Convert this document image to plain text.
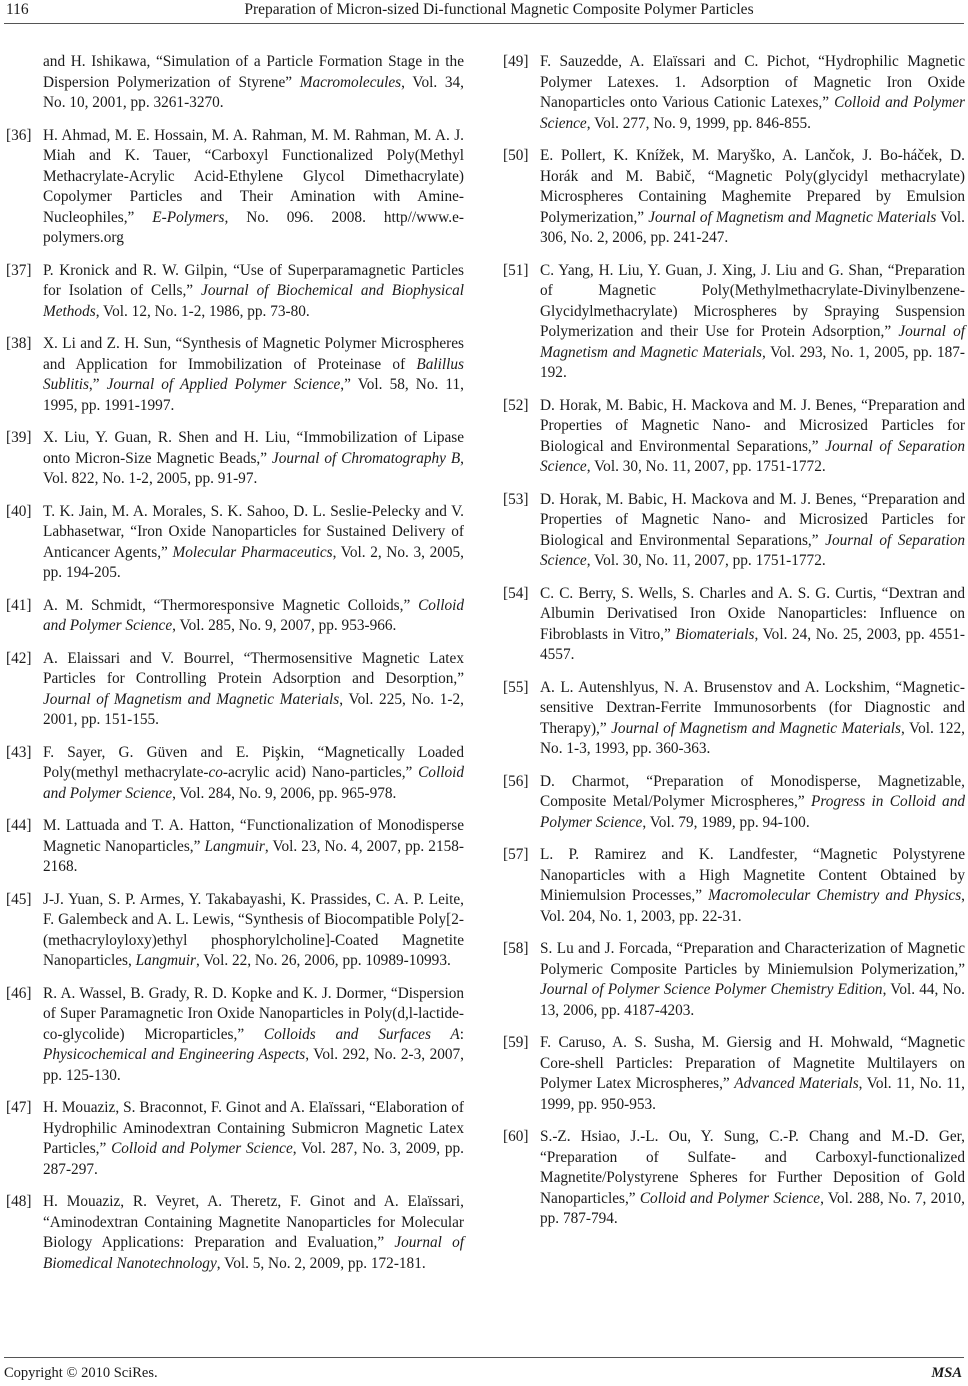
116	Preparation of Micron-sized Di-functional Magnetic Composite Polymer Particles
and H. Ishikawa, “Simulation of a Particle Formation Stage in the Dispersion Polymerization of Styrene” Macromolecules, Vol. 34, No. 10, 2001, pp. 3261-3270.
[36] H. Ahmad, M. E. Hossain, M. A. Rahman, M. M. Rahman, M. A. J. Miah and K. Tauer, “Carboxyl Functionalized Poly(Methyl Methacrylate-Acrylic Acid-Ethylene Glycol Dimethacrylate) Copolymer Particles and Their Amination with Amine-Nucleophiles,” E-Polymers, No. 096. 2008. http//www.e-polymers.org
[37] P. Kronick and R. W. Gilpin, “Use of Superparamagnetic Particles for Isolation of Cells,” Journal of Biochemical and Biophysical Methods, Vol. 12, No. 1-2, 1986, pp. 73-80.
[38] X. Li and Z. H. Sun, “Synthesis of Magnetic Polymer Microspheres and Application for Immobilization of Proteinase of Balillus Sublitis,” Journal of Applied Polymer Science,” Vol. 58, No. 11, 1995, pp. 1991-1997.
[39] X. Liu, Y. Guan, R. Shen and H. Liu, “Immobilization of Lipase onto Micron-Size Magnetic Beads,” Journal of Chromatography B, Vol. 822, No. 1-2, 2005, pp. 91-97.
[40] T. K. Jain, M. A. Morales, S. K. Sahoo, D. L. Seslie-Pelecky and V. Labhasetwar, “Iron Oxide Nanoparticles for Sustained Delivery of Anticancer Agents,” Molecular Pharmaceutics, Vol. 2, No. 3, 2005, pp. 194-205.
[41] A. M. Schmidt, “Thermoresponsive Magnetic Colloids,” Colloid and Polymer Science, Vol. 285, No. 9, 2007, pp. 953-966.
[42] A. Elaissari and V. Bourrel, “Thermosensitive Magnetic Latex Particles for Controlling Protein Adsorption and Desorption,” Journal of Magnetism and Magnetic Materials, Vol. 225, No. 1-2, 2001, pp. 151-155.
[43] F. Sayer, G. Güven and E. Pişkin, “Magnetically Loaded Poly(methyl methacrylate-co-acrylic acid) Nano-particles,” Colloid and Polymer Science, Vol. 284, No. 9, 2006, pp. 965-978.
[44] M. Lattuada and T. A. Hatton, “Functionalization of Monodisperse Magnetic Nanoparticles,” Langmuir, Vol. 23, No. 4, 2007, pp. 2158-2168.
[45] J-J. Yuan, S. P. Armes, Y. Takabayashi, K. Prassides, C. A. P. Leite, F. Galembeck and A. L. Lewis, “Synthesis of Biocompatible Poly[2-(methacryloyloxy)ethyl phosphorylcholine]-Coated Magnetite Nanoparticles, Langmuir, Vol. 22, No. 26, 2006, pp. 10989-10993.
[46] R. A. Wassel, B. Grady, R. D. Kopke and K. J. Dormer, “Dispersion of Super Paramagnetic Iron Oxide Nanoparticles in Poly(d,l-lactide-co-glycolide) Microparticles,” Colloids and Surfaces A: Physicochemical and Engineering Aspects, Vol. 292, No. 2-3, 2007, pp. 125-130.
[47] H. Mouaziz, S. Braconnot, F. Ginot and A. Elaïssari, “Elaboration of Hydrophilic Aminodextran Containing Submicron Magnetic Latex Particles,” Colloid and Polymer Science, Vol. 287, No. 3, 2009, pp. 287-297.
[48] H. Mouaziz, R. Veyret, A. Theretz, F. Ginot and A. Elaïssari, “Aminodextran Containing Magnetite Nanoparticles for Molecular Biology Applications: Preparation and Evaluation,” Journal of Biomedical Nanotechnology, Vol. 5, No. 2, 2009, pp. 172-181.
[49] F. Sauzedde, A. Elaïssari and C. Pichot, “Hydrophilic Magnetic Polymer Latexes. 1. Adsorption of Magnetic Iron Oxide Nanoparticles onto Various Cationic Latexes,” Colloid and Polymer Science, Vol. 277, No. 9, 1999, pp. 846-855.
[50] E. Pollert, K. Knížek, M. Maryško, A. Lančok, J. Bo-háček, D. Horák and M. Babič, “Magnetic Poly(glycidyl methacrylate) Microspheres Containing Maghemite Prepared by Emulsion Polymerization,” Journal of Magnetism and Magnetic Materials Vol. 306, No. 2, 2006, pp. 241-247.
[51] C. Yang, H. Liu, Y. Guan, J. Xing, J. Liu and G. Shan, “Preparation of Magnetic Poly(Methylmethacrylate-Divinylbenzene-Glycidylmethacrylate) Microspheres by Spraying Suspension Polymerization and their Use for Protein Adsorption,” Journal of Magnetism and Magnetic Materials, Vol. 293, No. 1, 2005, pp. 187-192.
[52] D. Horak, M. Babic, H. Mackova and M. J. Benes, “Preparation and Properties of Magnetic Nano- and Microsized Particles for Biological and Environmental Separations,” Journal of Separation Science, Vol. 30, No. 11, 2007, pp. 1751-1772.
[53] D. Horak, M. Babic, H. Mackova and M. J. Benes, “Preparation and Properties of Magnetic Nano- and Microsized Particles for Biological and Environmental Separations,” Journal of Separation Science, Vol. 30, No. 11, 2007, pp. 1751-1772.
[54] C. C. Berry, S. Wells, S. Charles and A. S. G. Curtis, “Dextran and Albumin Derivatised Iron Oxide Nanoparticles: Influence on Fibroblasts in Vitro,” Biomaterials, Vol. 24, No. 25, 2003, pp. 4551-4557.
[55] A. L. Autenshlyus, N. A. Brusenstov and A. Lockshim, “Magnetic-sensitive Dextran-Ferrite Immunosorbents (for Diagnostic and Therapy),” Journal of Magnetism and Magnetic Materials, Vol. 122, No. 1-3, 1993, pp. 360-363.
[56] D. Charmot, “Preparation of Monodisperse, Magnetizable, Composite Metal/Polymer Microspheres,” Progress in Colloid and Polymer Science, Vol. 79, 1989, pp. 94-100.
[57] L. P. Ramirez and K. Landfester, “Magnetic Polystyrene Nanoparticles with a High Magnetite Content Obtained by Miniemulsion Processes,” Macromolecular Chemistry and Physics, Vol. 204, No. 1, 2003, pp. 22-31.
[58] S. Lu and J. Forcada, “Preparation and Characterization of Magnetic Polymeric Composite Particles by Miniemulsion Polymerization,” Journal of Polymer Science Polymer Chemistry Edition, Vol. 44, No. 13, 2006, pp. 4187-4203.
[59] F. Caruso, A. S. Susha, M. Giersig and H. Mohwald, “Magnetic Core-shell Particles: Preparation of Magnetite Multilayers on Polymer Latex Microspheres,” Advanced Materials, Vol. 11, No. 11, 1999, pp. 950-953.
[60] S.-Z. Hsiao, J.-L. Ou, Y. Sung, C.-P. Chang and M.-D. Ger, “Preparation of Sulfate- and Carboxyl-functionalized Magnetite/Polystyrene Spheres for Further Deposition of Gold Nanoparticles,” Colloid and Polymer Science, Vol. 288, No. 7, 2010, pp. 787-794.
Copyright © 2010 SciRes.	MSA
